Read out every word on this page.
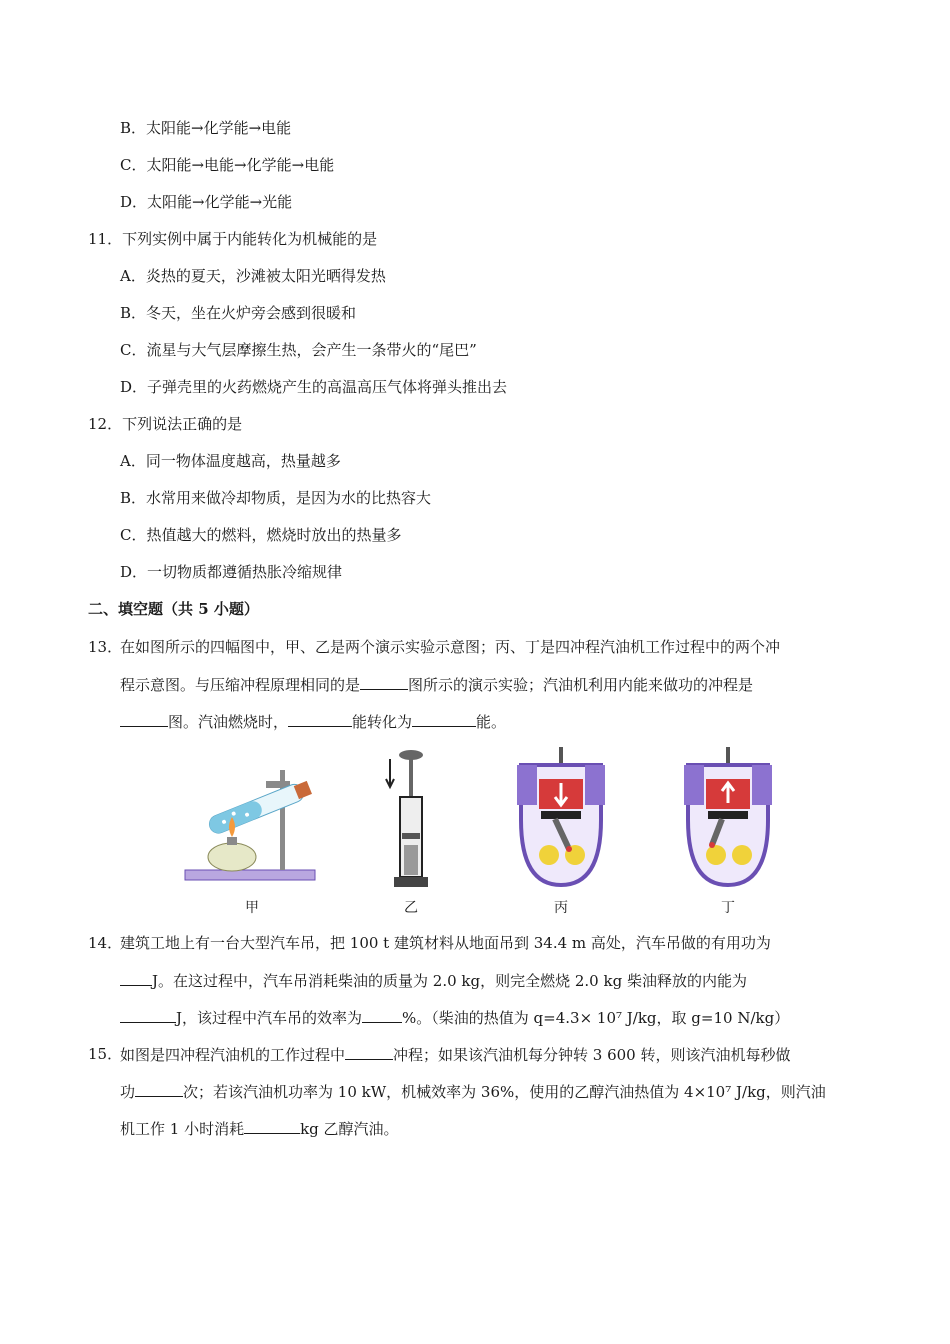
B．太阳能→化学能→电能
C．太阳能→电能→化学能→电能
D．太阳能→化学能→光能
11．下列实例中属于内能转化为机械能的是
A．炎热的夏天，沙滩被太阳光晒得发热
B．冬天，坐在火炉旁会感到很暖和
C．流星与大气层摩擦生热，会产生一条带火的“尾巴”
D．子弹壳里的火药燃烧产生的高温高压气体将弹头推出去
12．下列说法正确的是
A．同一物体温度越高，热量越多
B．水常用来做冷却物质，是因为水的比热容大
C．热值越大的燃料，燃烧时放出的热量多
D．一切物质都遵循热胀冷缩规律
二、填空题（共 5 小题）
13．
在如图所示的四幅图中，甲、乙是两个演示实验示意图；丙、丁是四冲程汽油机工作过程中的两个冲
程示意图。与压缩冲程原理相同的是	图所示的演示实验；汽油机利用内能来做功的冲程是
图。汽油燃烧时，	能转化为	能。
甲	乙	丙	丁
14．
建筑工地上有一台大型汽车吊，把 100 t 建筑材料从地面吊到 34.4 m 高处，汽车吊做的有用功为
J。在这过程中，汽车吊消耗柴油的质量为 2.0 kg，则完全燃烧 2.0 kg 柴油释放的内能为
J，该过程中汽车吊的效率为	%。（柴油的热值为 q=4.3× 10⁷ J/kg，取 g=10 N/kg）
15．
如图是四冲程汽油机的工作过程中	冲程；如果该汽油机每分钟转 3 600 转，则该汽油机每秒做
功	次；若该汽油机功率为 10 kW，机械效率为 36%，使用的乙醇汽油热值为 4×10⁷ J/kg，则汽油
机工作 1 小时消耗	kg 乙醇汽油。
